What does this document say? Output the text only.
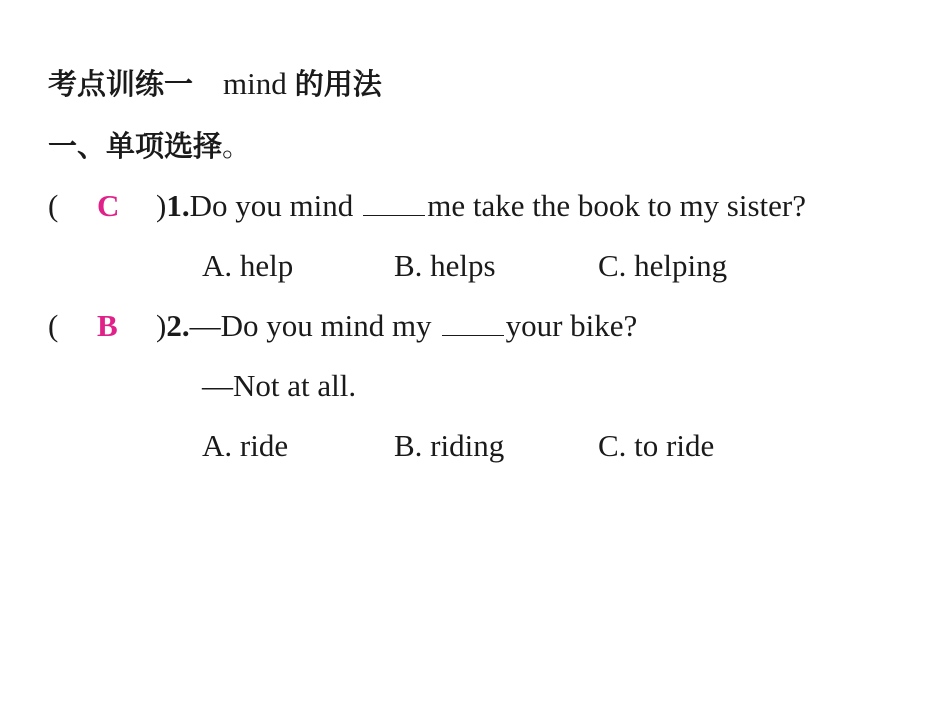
考点训练一 mind 的用法
一、单项选择。
( C )1.Do you mind me take the book to my sister?
A. help	B. helps	C. helping
( B )2.—Do you mind my your bike?
—Not at all.
A. ride	B. riding	C. to ride
